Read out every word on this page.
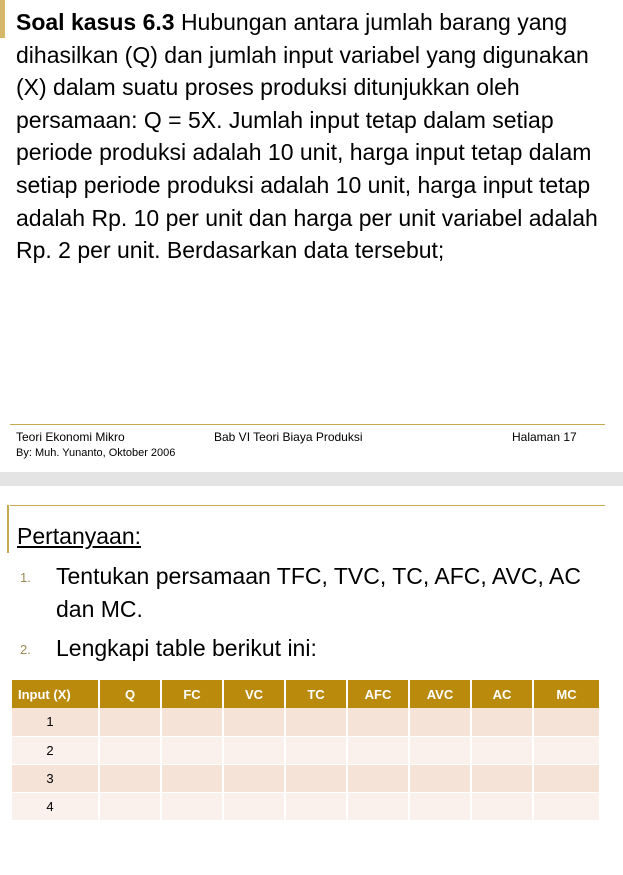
Soal kasus 6.3 Hubungan antara jumlah barang yang dihasilkan (Q) dan jumlah input variabel yang digunakan (X) dalam suatu proses produksi ditunjukkan oleh persamaan: Q = 5X. Jumlah input tetap dalam setiap periode produksi adalah 10 unit, harga input tetap dalam setiap periode produksi adalah 10 unit, harga input tetap adalah Rp. 10 per unit dan harga per unit variabel adalah Rp. 2 per unit. Berdasarkan data tersebut;
Teori Ekonomi Mikro
By: Muh. Yunanto, Oktober 2006
Bab VI Teori Biaya Produksi	Halaman 17
Pertanyaan:
1. Tentukan persamaan TFC, TVC, TC, AFC, AVC, AC dan MC.
2. Lengkapi table berikut ini:
Input (X)	Q	FC	VC	TC	AFC	AVC	AC	MC
1								
2								
3								
4								
